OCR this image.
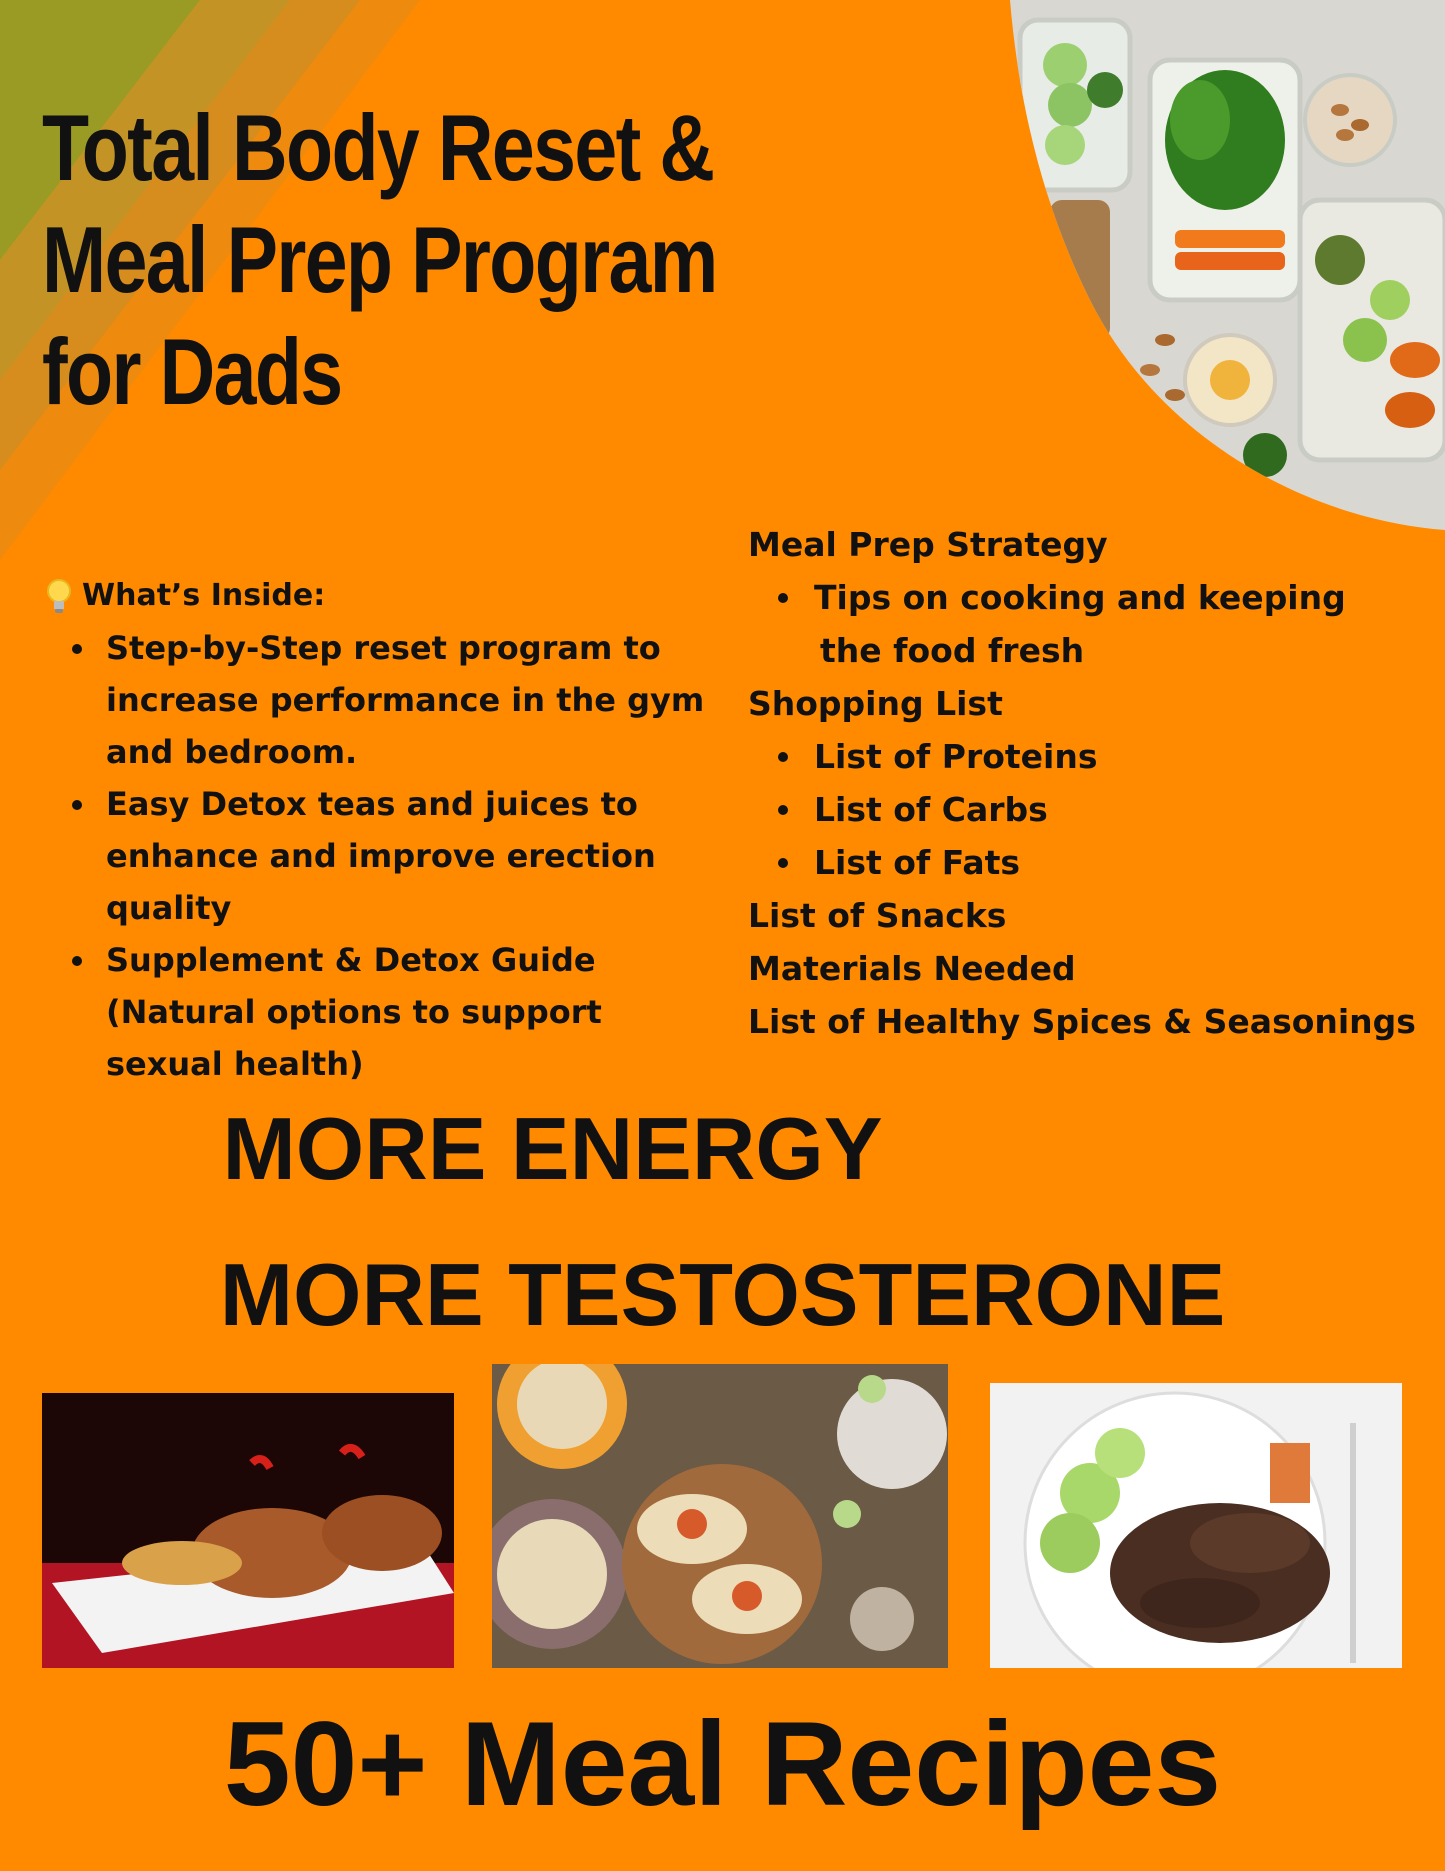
Total Body Reset &
Meal Prep Program
for Dads
What’s Inside:
Step-by-Step reset program to increase performance in the gym and bedroom.
Easy Detox teas and juices to enhance and improve erection quality
Supplement & Detox Guide (Natural options to support sexual health)
Meal Prep Strategy
Tips on cooking and keeping
the food fresh
Shopping List
List of Proteins
List of Carbs
List of Fats
List of Snacks
Materials Needed
List of Healthy Spices & Seasonings

MORE ENERGY

MORE TESTOSTERONE

50+ Meal Recipes
